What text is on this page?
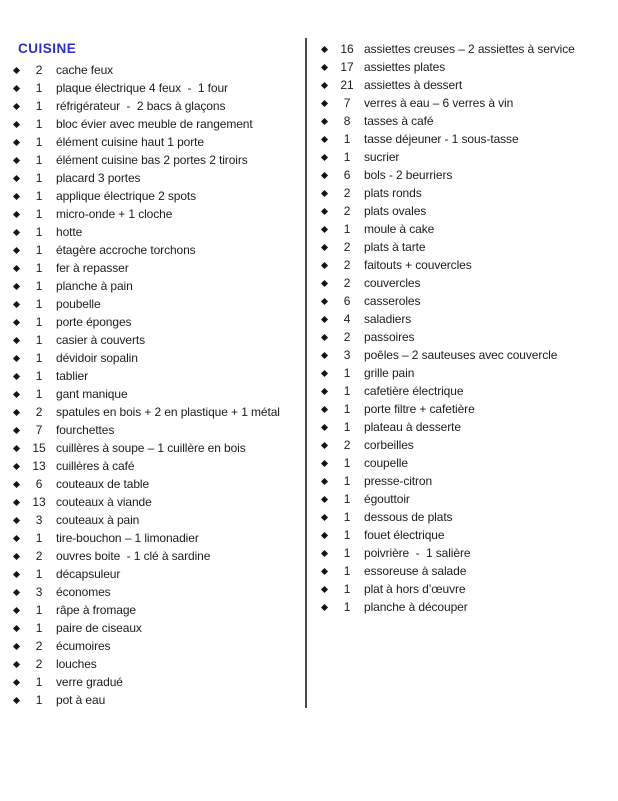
CUISINE
2	cache feux
1	plaque électrique 4 feux  -  1 four
1	réfrigérateur  -  2 bacs à glaçons
1	bloc évier avec meuble de rangement
1	élément cuisine haut 1 porte
1	élément cuisine bas 2 portes 2 tiroirs
1	placard 3 portes
1	applique électrique 2 spots
1	micro-onde + 1 cloche
1	hotte
1	étagère accroche torchons
1	fer à repasser
1	planche à pain
1	poubelle
1	porte éponges
1	casier à couverts
1	dévidoir sopalin
1	tablier
1	gant manique
2	spatules en bois + 2 en plastique + 1 métal
7	fourchettes
15 cuillères à soupe – 1 cuillère en bois
13 cuillères à café
6	couteaux de table
13 couteaux à viande
3	couteaux à pain
1	tire-bouchon – 1 limonadier
2	ouvres boite  - 1 clé à sardine
1	décapsuleur
3	économes
1	râpe à fromage
1	paire de ciseaux
2	écumoires
2	louches
1	verre gradué
1	pot à eau
16 assiettes creuses – 2 assiettes à service
17 assiettes plates
21 assiettes à dessert
7	verres à eau – 6 verres à vin
8	tasses à café
1	tasse déjeuner - 1 sous-tasse
1	sucrier
6	bols - 2 beurriers
2	plats ronds
2	plats ovales
1	moule à cake
2	plats à tarte
2	faitouts + couvercles
2	couvercles
6	casseroles
4	saladiers
2	passoires
3	poêles – 2 sauteuses avec couvercle
1	grille pain
1	cafetière électrique
1	porte filtre + cafetière
1	plateau à desserte
2	corbeilles
1	coupelle
1	presse-citron
1	égouttoir
1	dessous de plats
1	fouet électrique
1	poivrière  -  1 salière
1	essoreuse à salade
1	plat à hors d’œuvre
1	planche à découper
